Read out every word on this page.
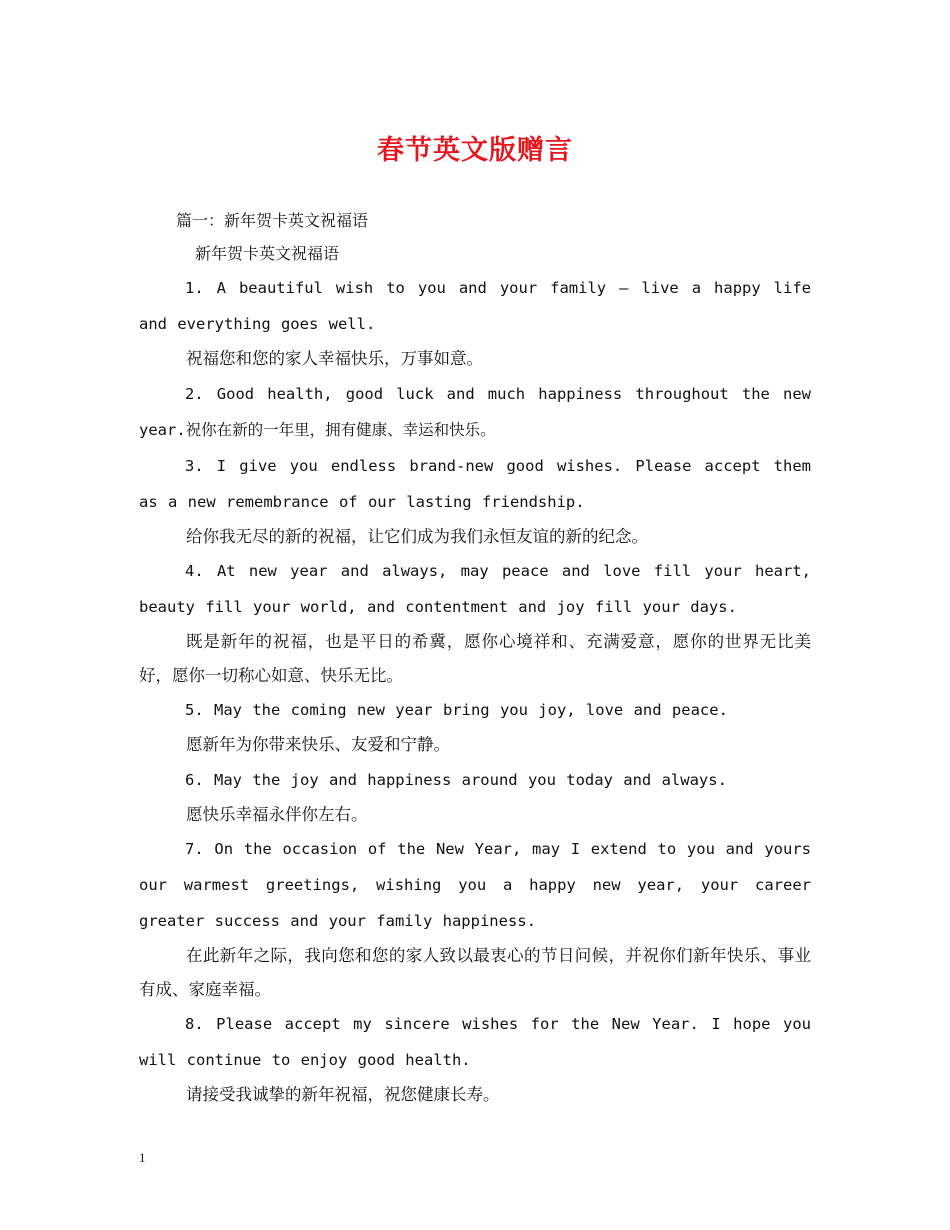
春节英文版赠言
篇一：新年贺卡英文祝福语
新年贺卡英文祝福语

1. A beautiful wish to you and your family — live a happy life and everything goes well.

祝福您和您的家人幸福快乐，万事如意。

2. Good health, good luck and much happiness throughout the new year.祝你在新的一年里，拥有健康、幸运和快乐。

3. I give you endless brand-new good wishes. Please accept them as a new remembrance of our lasting friendship.

给你我无尽的新的祝福，让它们成为我们永恒友谊的新的纪念。

4. At new year and always, may peace and love fill your heart, beauty fill your world, and contentment and joy fill your days.

既是新年的祝福，也是平日的希冀，愿你心境祥和、充满爱意，愿你的世界无比美好，愿你一切称心如意、快乐无比。

5. May the coming new year bring you joy, love and peace.

愿新年为你带来快乐、友爱和宁静。

6. May the joy and happiness around you today and always.

愿快乐幸福永伴你左右。

7. On the occasion of the New Year, may I extend to you and yours our warmest greetings, wishing you a happy new year, your career greater success and your family happiness.

在此新年之际，我向您和您的家人致以最衷心的节日问候，并祝你们新年快乐、事业有成、家庭幸福。

8. Please accept my sincere wishes for the New Year. I hope you will continue to enjoy good health.

请接受我诚挚的新年祝福，祝您健康长寿。

1
